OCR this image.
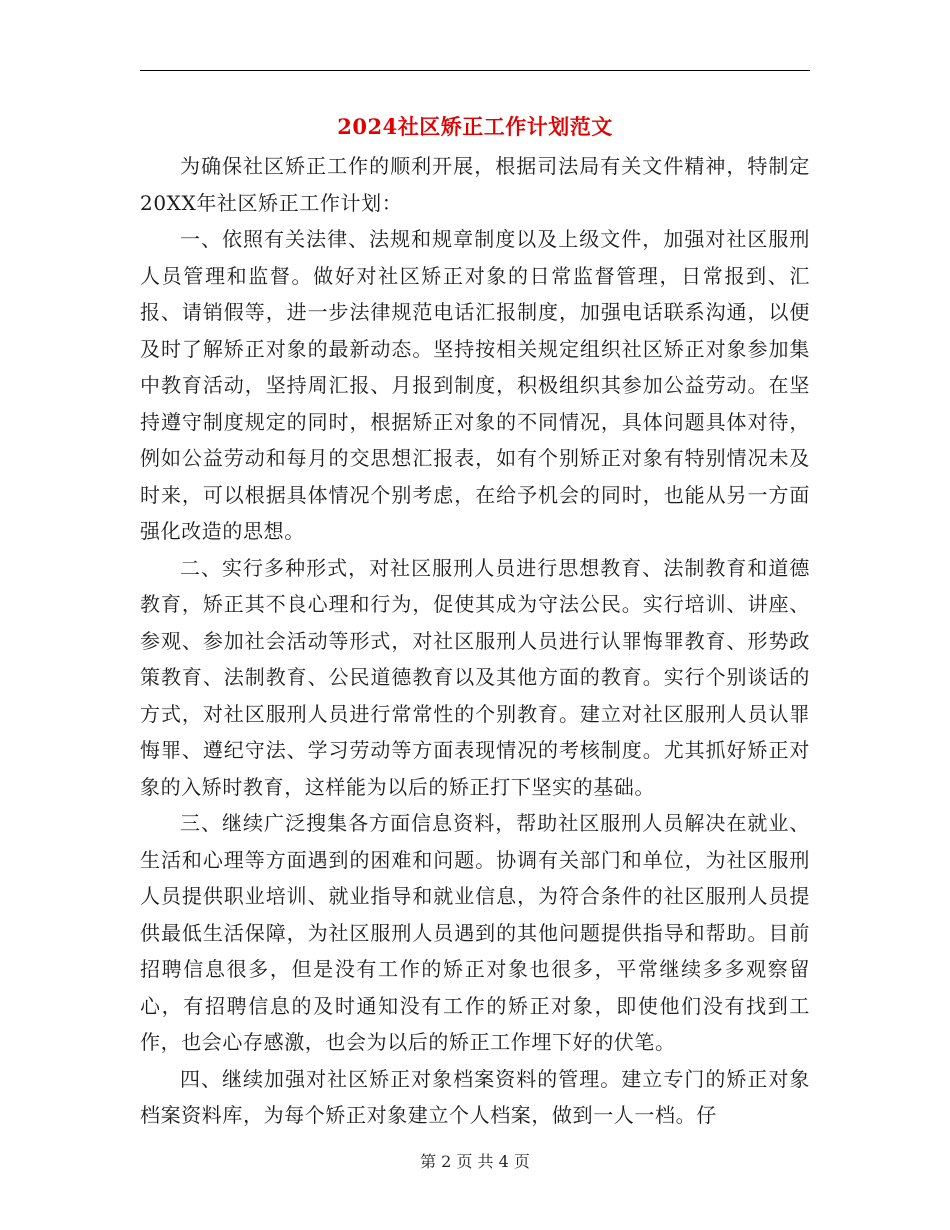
2024社区矫正工作计划范文

为确保社区矫正工作的顺利开展，根据司法局有关文件精神，特制定20XX年社区矫正工作计划：

一、依照有关法律、法规和规章制度以及上级文件，加强对社区服刑人员管理和监督。做好对社区矫正对象的日常监督管理，日常报到、汇报、请销假等，进一步法律规范电话汇报制度，加强电话联系沟通，以便及时了解矫正对象的最新动态。坚持按相关规定组织社区矫正对象参加集中教育活动，坚持周汇报、月报到制度，积极组织其参加公益劳动。在坚持遵守制度规定的同时，根据矫正对象的不同情况，具体问题具体对待，例如公益劳动和每月的交思想汇报表，如有个别矫正对象有特别情况未及时来，可以根据具体情况个别考虑，在给予机会的同时，也能从另一方面强化改造的思想。

二、实行多种形式，对社区服刑人员进行思想教育、法制教育和道德教育，矫正其不良心理和行为，促使其成为守法公民。实行培训、讲座、参观、参加社会活动等形式，对社区服刑人员进行认罪悔罪教育、形势政策教育、法制教育、公民道德教育以及其他方面的教育。实行个别谈话的方式，对社区服刑人员进行常常性的个别教育。建立对社区服刑人员认罪悔罪、遵纪守法、学习劳动等方面表现情况的考核制度。尤其抓好矫正对象的入矫时教育，这样能为以后的矫正打下坚实的基础。

三、继续广泛搜集各方面信息资料，帮助社区服刑人员解决在就业、生活和心理等方面遇到的困难和问题。协调有关部门和单位，为社区服刑人员提供职业培训、就业指导和就业信息，为符合条件的社区服刑人员提供最低生活保障，为社区服刑人员遇到的其他问题提供指导和帮助。目前招聘信息很多，但是没有工作的矫正对象也很多，平常继续多多观察留心，有招聘信息的及时通知没有工作的矫正对象，即使他们没有找到工作，也会心存感激，也会为以后的矫正工作埋下好的伏笔。

四、继续加强对社区矫正对象档案资料的管理。建立专门的矫正对象档案资料库，为每个矫正对象建立个人档案，做到一人一档。仔

第 2 页 共 4 页
